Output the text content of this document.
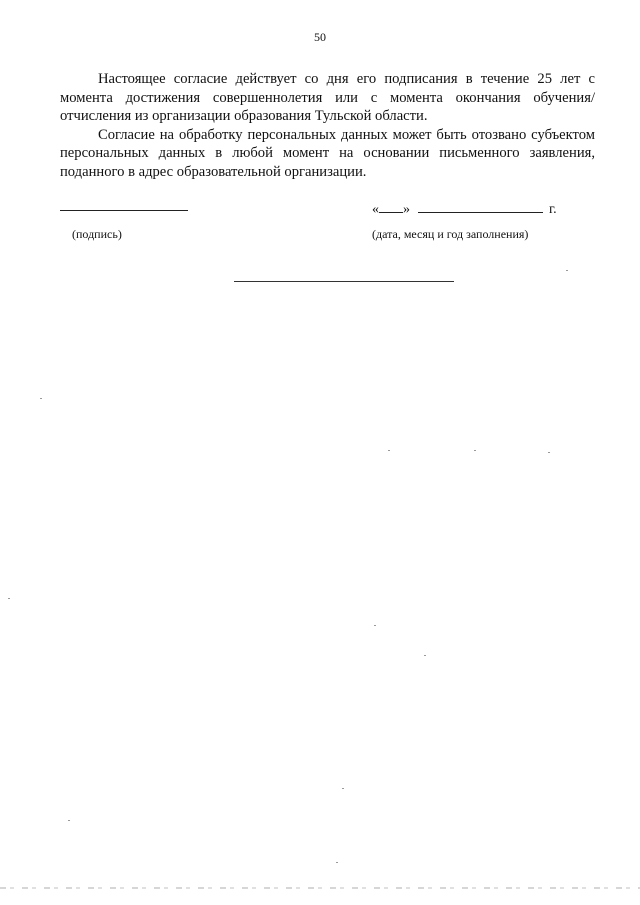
50

Настоящее согласие действует со дня его подписания в течение 25 лет с момента достижения совершеннолетия или с момента окончания обучения/отчисления из организации образования Тульской области.

Согласие на обработку персональных данных может быть отозвано субъектом персональных данных в любой момент на основании письменного заявления, поданного в адрес образовательной организации.

« »	г.
(подпись)	(дата, месяц и год заполнения)
